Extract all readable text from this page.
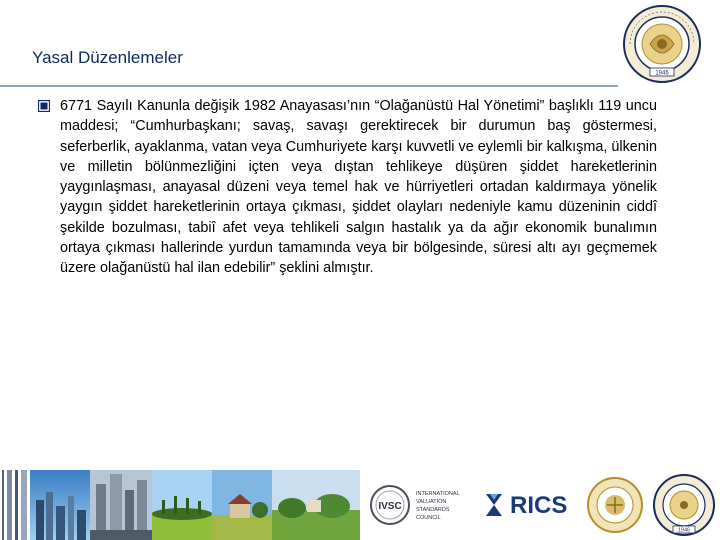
Yasal Düzenlemeler
1946
6771 Sayılı Kanunla değişik 1982 Anayasası’nın “Olağanüstü Hal Yönetimi” başlıklı 119 uncu maddesi; “Cumhurbaşkanı; savaş, savaşı gerektirecek bir durumun baş göstermesi, seferberlik, ayaklanma, vatan veya Cumhuriyete karşı kuvvetli ve eylemli bir kalkışma, ülkenin ve milletin bölünmezliğini içten veya dıştan tehlikeye düşüren şiddet hareketlerinin yaygınlaşması, anayasal düzeni veya temel hak ve hürriyetleri ortadan kaldırmaya yönelik yaygın şiddet hareketlerinin ortaya çıkması, şiddet olayları nedeniyle kamu düzeninin ciddî şekilde bozulması, tabiî afet veya tehlikeli salgın hastalık ya da ağır ekonomik bunalımın ortaya çıkması hallerinde yurdun tamamında veya bir bölgesinde, süresi altı ayı geçmemek üzere olağanüstü hal ilan edebilir” şeklini almıştır.
IVSC
INTERNATIONAL
VALUATION
STANDARDS
COUNCIL	RICS
1946
